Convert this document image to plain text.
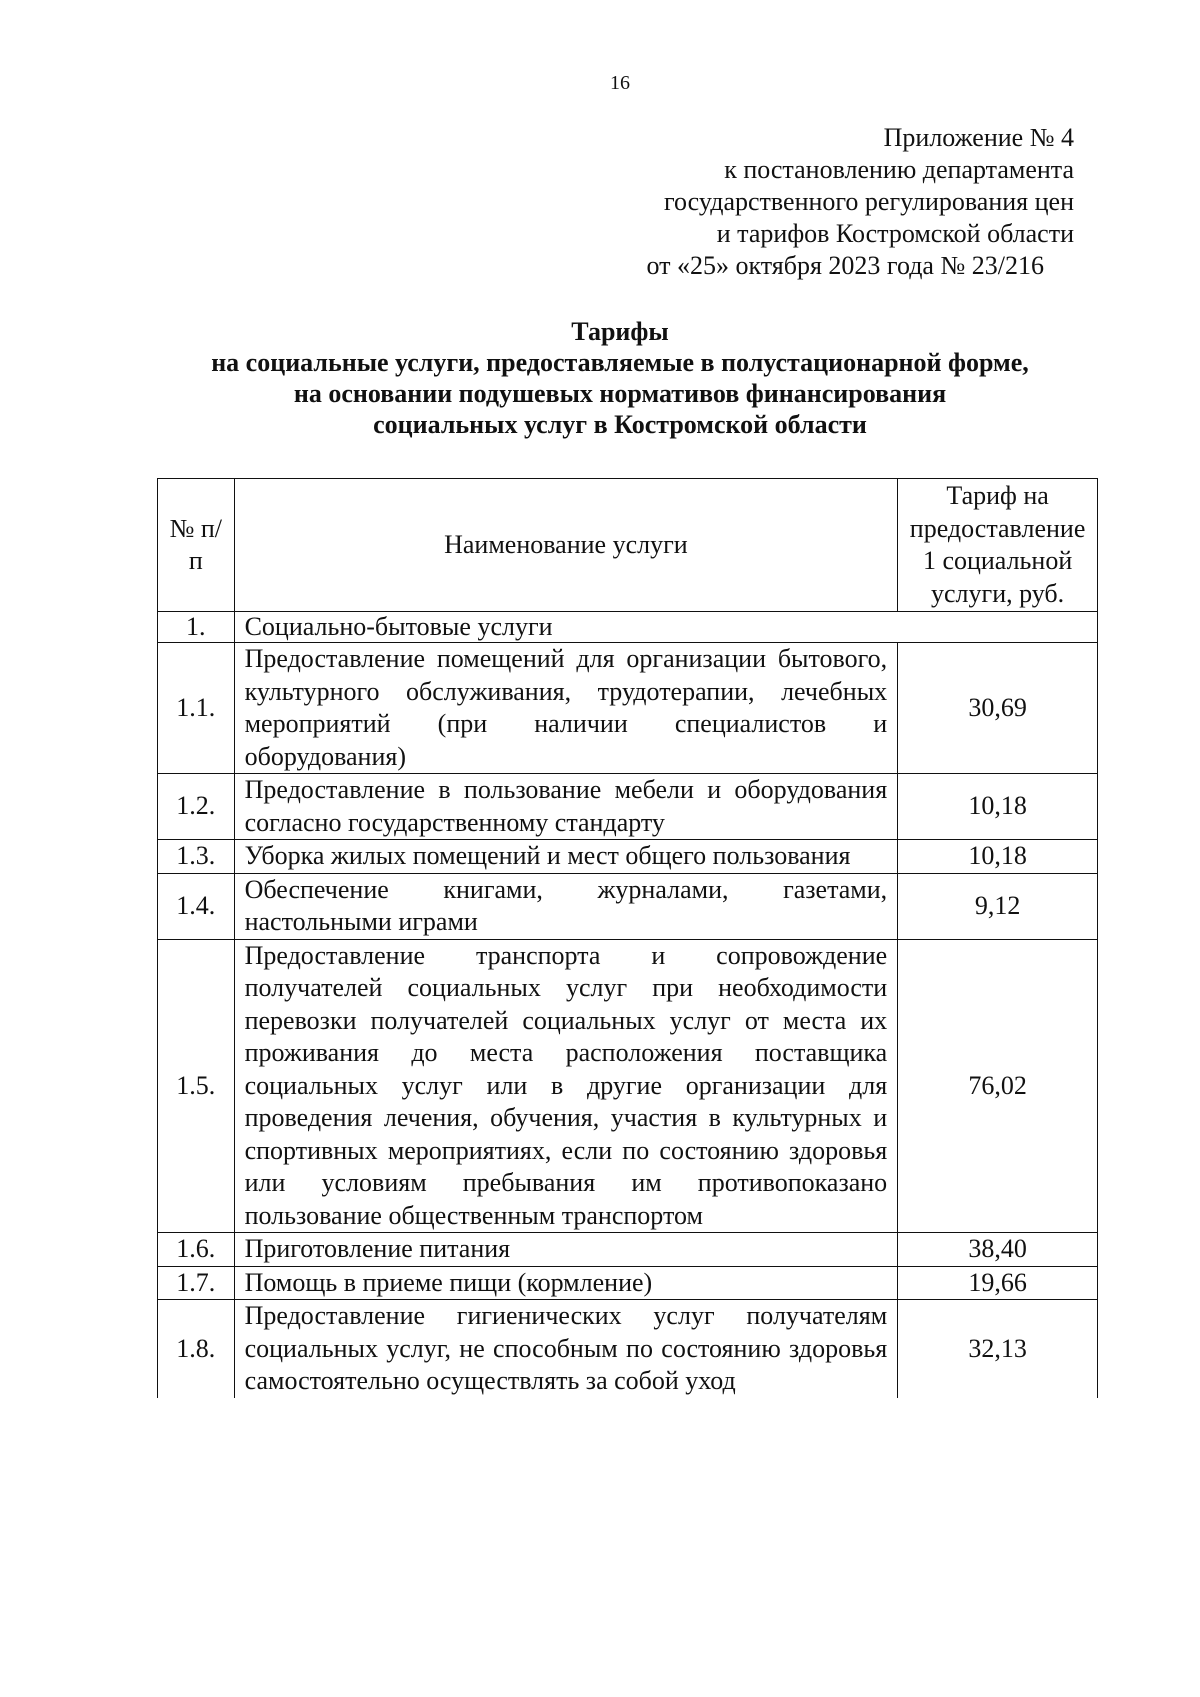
16
Приложение № 4
к постановлению департамента
государственного регулирования цен
и тарифов Костромской области
от «25» октября 2023 года № 23/216
Тарифы
на социальные услуги, предоставляемые в полустационарной форме,
на основании подушевых нормативов финансирования
социальных услуг в Костромской области
№ п/п	Наименование услуги	Тариф на предоставление 1 социальной услуги, руб.
1.	Социально-бытовые услуги	
1.1.	Предоставление помещений для организации бытового, культурного обслуживания, трудотерапии, лечебных мероприятий (при наличии специалистов и оборудования)	30,69
1.2.	Предоставление в пользование мебели и оборудования согласно государственному стандарту	10,18
1.3.	Уборка жилых помещений и мест общего пользования	10,18
1.4.	Обеспечение книгами, журналами, газетами, настольными играми	9,12
1.5.	Предоставление транспорта и сопровождение получателей социальных услуг при необходимости перевозки получателей социальных услуг от места их проживания до места расположения поставщика социальных услуг или в другие организации для проведения лечения, обучения, участия в культурных и спортивных мероприятиях, если по состоянию здоровья или условиям пребывания им противопоказано пользование общественным транспортом	76,02
1.6.	Приготовление питания	38,40
1.7.	Помощь в приеме пищи (кормление)	19,66
1.8.	Предоставление гигиенических услуг получателям социальных услуг, не способным по состоянию здоровья самостоятельно осуществлять за собой уход	32,13
